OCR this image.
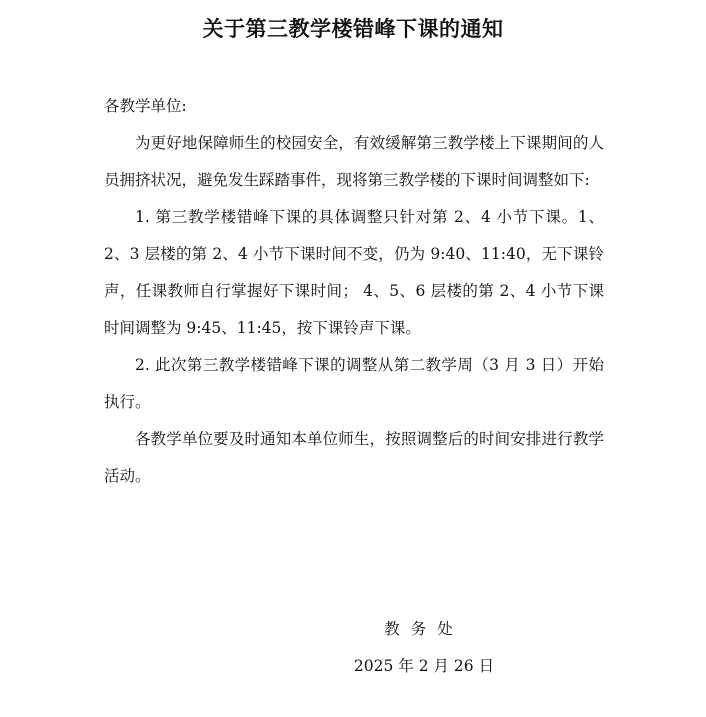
关于第三教学楼错峰下课的通知

各教学单位:

为更好地保障师生的校园安全，有效缓解第三教学楼上下课期间的人员拥挤状况，避免发生踩踏事件，现将第三教学楼的下课时间调整如下:

1. 第三教学楼错峰下课的具体调整只针对第 2、4 小节下课。1、2、3 层楼的第 2、4 小节下课时间不变，仍为 9:40、11:40，无下课铃声，任课教师自行掌握好下课时间； 4、5、6 层楼的第 2、4 小节下课时间调整为 9:45、11:45，按下课铃声下课。

2. 此次第三教学楼错峰下课的调整从第二教学周（3 月 3 日）开始执行。

各教学单位要及时通知本单位师生，按照调整后的时间安排进行教学活动。

教务处
2025 年 2 月 26 日
